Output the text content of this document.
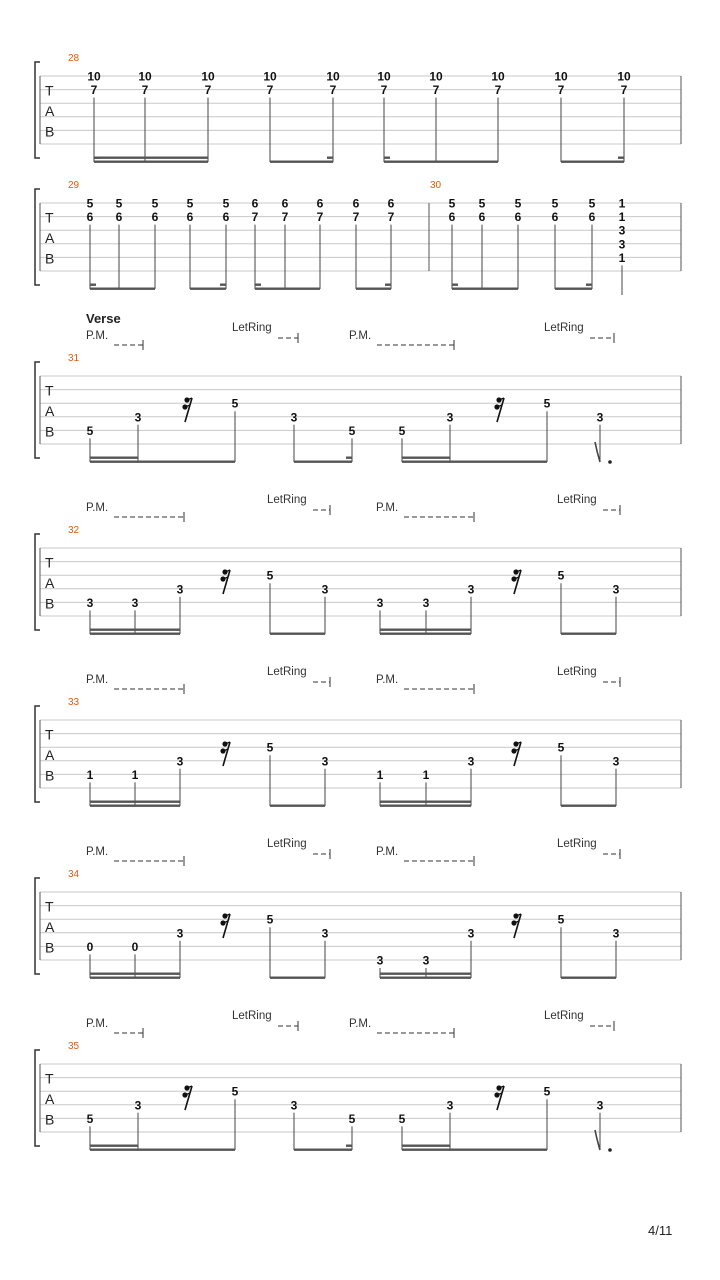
Verse
T
A
B
28
10
7
10
7
10
7
10
7
10
7
10
7
10
7
10
7
10
7
10
7
T
A
B
29
5
6
5
6
5
6
5
6
5
6
6
7
6
7
6
7
6
7
6
7
30
5
6
5
6
5
6
5
6
5
6
1
1
3
3
1
T
A
B
31
5
3
5
3
5	5
3
5
3
P.M.
LetRing
P.M.
LetRing
T
A
B
32
3	3
3
5
3
3	3
3
5
3
P.M.
LetRing
P.M.
LetRing
T
A
B
33
1	1
3
5
3
1	1
3
5
3
P.M.
LetRing
P.M.
LetRing
T
A
B
34
0	0
3
5
3
3	3
3
5
3
P.M.
LetRing
P.M.
LetRing
T
A
B
35
5
3
5
3
5	5
3
5
3
P.M.
LetRing
P.M.
LetRing
4/11
